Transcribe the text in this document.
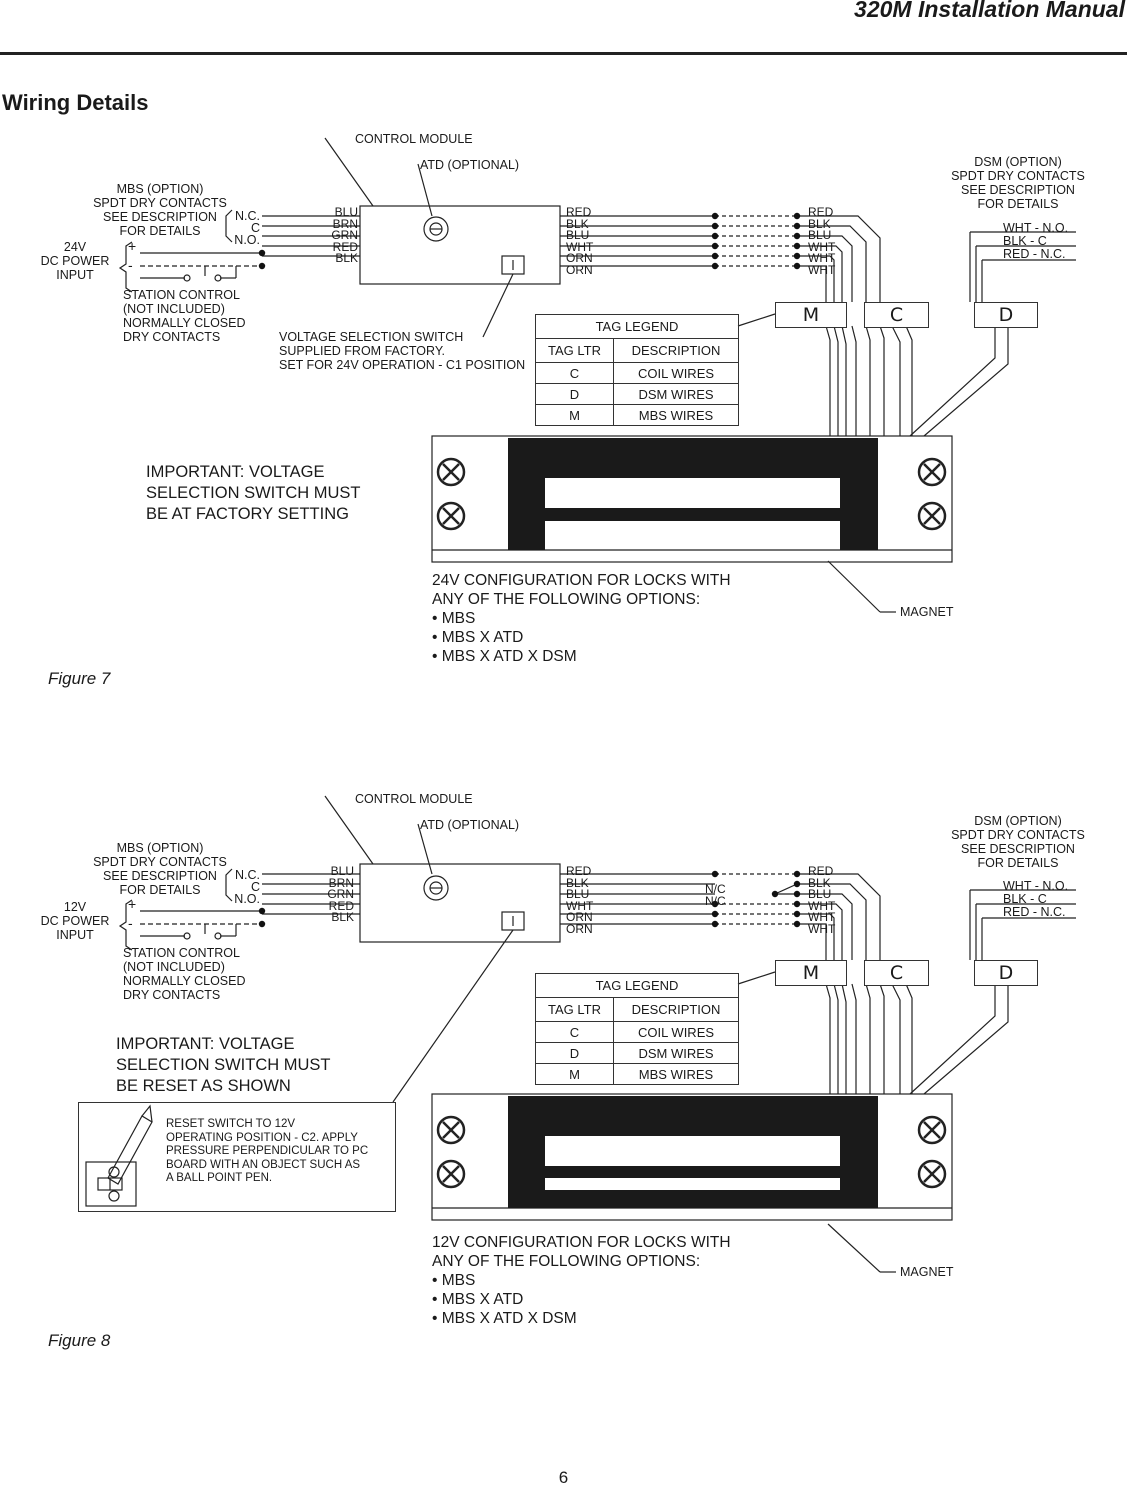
320M Installation Manual
Wiring Details
CONTROL MODULE
ATD (OPTIONAL)
MBS (OPTION)
SPDT DRY CONTACTS
SEE DESCRIPTION
FOR DETAILS
N.C.
C
N.O.
24V
DC POWER
INPUT
+
-
STATION CONTROL
(NOT INCLUDED)
NORMALLY CLOSED
DRY CONTACTS
BLU
BRN
GRN
RED
BLK
RED
BLK
BLU
WHT
ORN
ORN
RED
BLK
BLU
WHT
WHT
WHT
VOLTAGE SELECTION SWITCH
SUPPLIED FROM FACTORY.
SET FOR 24V OPERATION - C1 POSITION
DSM (OPTION)
SPDT DRY CONTACTS
SEE DESCRIPTION
FOR DETAILS
WHT - N.O.
BLK - C
RED - N.C.
TAG LEGEND	
TAG LTR	DESCRIPTION
C	COIL WIRES
D	DSM WIRES
M	MBS WIRES
M	C	D
IMPORTANT: VOLTAGE
SELECTION SWITCH MUST
BE AT FACTORY SETTING
24V CONFIGURATION FOR LOCKS WITH
ANY OF THE FOLLOWING OPTIONS:
• MBS
• MBS X ATD
• MBS X ATD X DSM
MAGNET
Figure 7
CONTROL MODULE
ATD (OPTIONAL)
MBS (OPTION)
SPDT DRY CONTACTS
SEE DESCRIPTION
FOR DETAILS
N.C.
C
N.O.
12V
DC POWER
INPUT
+
-
STATION CONTROL
(NOT INCLUDED)
NORMALLY CLOSED
DRY CONTACTS
BLU
BRN
GRN
RED
BLK
RED
BLK
BLU
WHT
ORN
ORN
N/C
N/C
RED
BLK
BLU
WHT
WHT
WHT
DSM (OPTION)
SPDT DRY CONTACTS
SEE DESCRIPTION
FOR DETAILS
WHT - N.O.
BLK - C
RED - N.C.
TAG LEGEND	
TAG LTR	DESCRIPTION
C	COIL WIRES
D	DSM WIRES
M	MBS WIRES
M	C	D
IMPORTANT: VOLTAGE
SELECTION SWITCH MUST
BE RESET AS SHOWN
RESET SWITCH TO 12V
OPERATING POSITION - C2. APPLY
PRESSURE PERPENDICULAR TO PC
BOARD WITH AN OBJECT SUCH AS
A BALL POINT PEN.
12V CONFIGURATION FOR LOCKS WITH
ANY OF THE FOLLOWING OPTIONS:
• MBS
• MBS X ATD
• MBS X ATD X DSM
MAGNET
Figure 8
6
